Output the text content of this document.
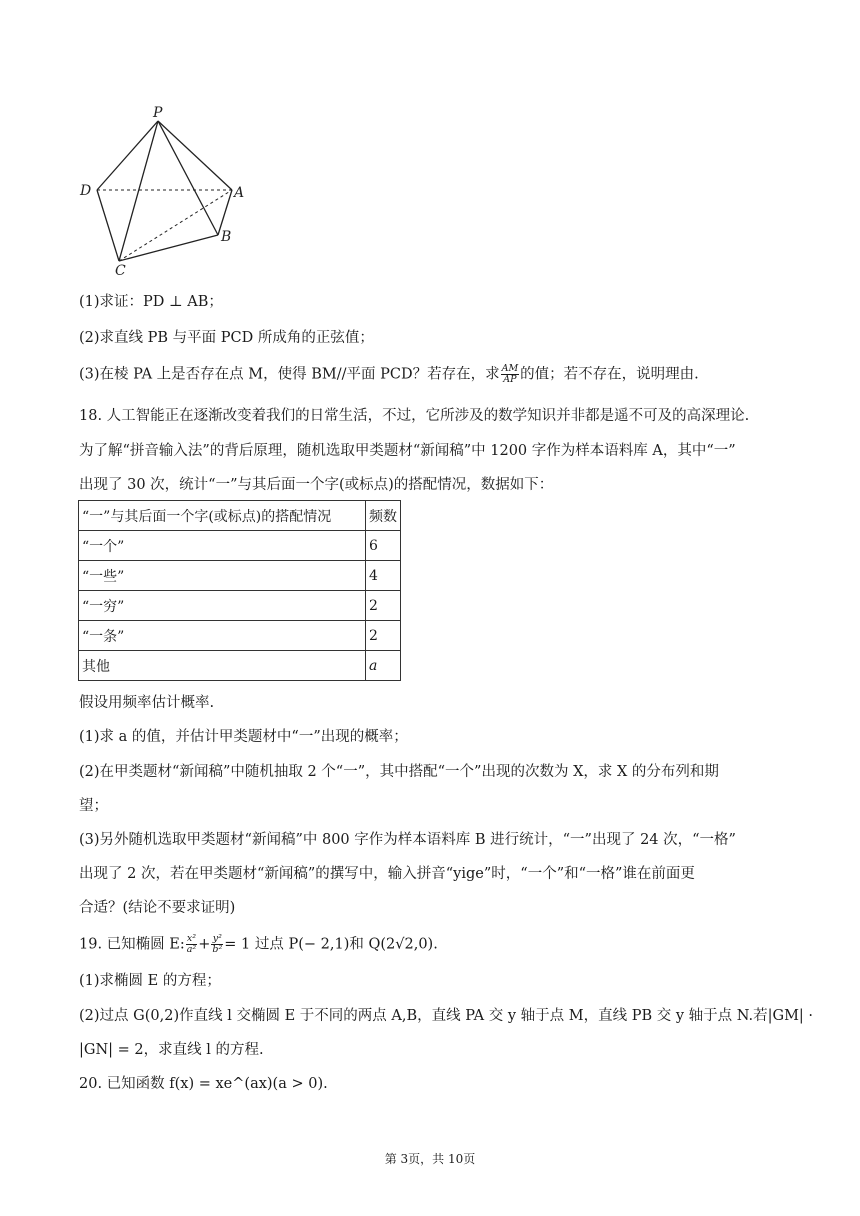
P
D	A
B
C
(1)求证：PD ⊥ AB；
(2)求直线 PB 与平面 PCD 所成角的正弦值；
(3)在棱 PA 上是否存在点 M，使得 BM//平面 PCD？若存在，求 $\frac{AM}{AP}$ 的值；若不存在，说明理由.
18. 人工智能正在逐渐改变着我们的日常生活，不过，它所涉及的数学知识并非都是遥不可及的高深理论.
为了解“拼音输入法”的背后原理，随机选取甲类题材“新闻稿”中 1200 字作为样本语料库 A，其中“一”
出现了 30 次，统计“一”与其后面一个字(或标点)的搭配情况，数据如下：
“一”与其后面一个字(或标点)的搭配情况	频数
“一个”	6
“一些”	4
“一穷”	2
“一条”	2
其他	a
假设用频率估计概率.
(1)求 a 的值，并估计甲类题材中“一”出现的概率；
(2)在甲类题材“新闻稿”中随机抽取 2 个“一”，其中搭配“一个”出现的次数为 X，求 X 的分布列和期
望；
(3)另外随机选取甲类题材“新闻稿”中 800 字作为样本语料库 B 进行统计，“一”出现了 24 次，“一格”
出现了 2 次，若在甲类题材“新闻稿”的撰写中，输入拼音“yige”时，“一个”和“一格”谁在前面更
合适？(结论不要求证明)
19. 已知椭圆 E: $\frac{\text{x²}}{\text{a²}} + \frac{\text{y²}}{\text{b²}} = 1$ 过点 P(− 2,1)和 Q(2√2,0).
(1)求椭圆 E 的方程；
(2)过点 G(0,2)作直线 l 交椭圆 E 于不同的两点 A,B，直线 PA 交 y 轴于点 M，直线 PB 交 y 轴于点 N.若|GM| ·
|GN| = 2，求直线 l 的方程.
20. 已知函数 f(x) = xe^(ax)(a > 0).
第 3页，共 10页
